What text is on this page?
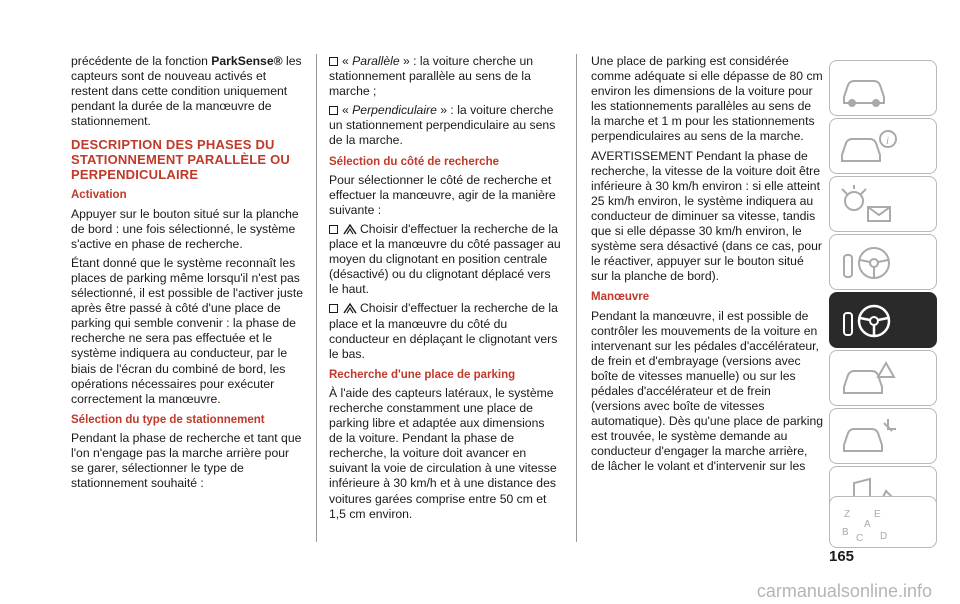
précédente de la fonction ParkSense® les capteurs sont de nouveau activés et restent dans cette condition uniquement pendant la durée de la manœuvre de stationnement.

DESCRIPTION DES PHASES DU STATIONNEMENT PARALLÈLE OU PERPENDICULAIRE
Activation

Appuyer sur le bouton situé sur la planche de bord : une fois sélectionné, le système s'active en phase de recherche.

Étant donné que le système reconnaît les places de parking même lorsqu'il n'est pas sélectionné, il est possible de l'activer juste après être passé à côté d'une place de parking qui semble convenir : la phase de recherche ne sera pas effectuée et le système indiquera au conducteur, par le biais de l'écran du combiné de bord, les opérations nécessaires pour exécuter correctement la manœuvre.

Sélection du type de stationnement

Pendant la phase de recherche et tant que l'on n'engage pas la marche arrière pour se garer, sélectionner le type de stationnement souhaité :

« Parallèle » : la voiture cherche un stationnement parallèle au sens de la marche ;

« Perpendiculaire » : la voiture cherche un stationnement perpendiculaire au sens de la marche.

Sélection du côté de recherche

Pour sélectionner le côté de recherche et effectuer la manœuvre, agir de la manière suivante :

Choisir d'effectuer la recherche de la place et la manœuvre du côté passager au moyen du clignotant en position centrale (désactivé) ou du clignotant déplacé vers le haut.

Choisir d'effectuer la recherche de la place et la manœuvre du côté du conducteur en déplaçant le clignotant vers le bas.

Recherche d'une place de parking

À l'aide des capteurs latéraux, le système recherche constamment une place de parking libre et adaptée aux dimensions de la voiture. Pendant la phase de recherche, la voiture doit avancer en suivant la voie de circulation à une vitesse inférieure à 30 km/h et à une distance des voitures garées comprise entre 50 cm et 1,5 cm environ.

Une place de parking est considérée comme adéquate si elle dépasse de 80 cm environ les dimensions de la voiture pour les stationnements parallèles au sens de la marche et 1 m pour les stationnements perpendiculaires au sens de la marche.

AVERTISSEMENT Pendant la phase de recherche, la vitesse de la voiture doit être inférieure à 30 km/h environ : si elle atteint 25 km/h environ, le système indiquera au conducteur de diminuer sa vitesse, tandis que si elle dépasse 30 km/h environ, le système sera désactivé (dans ce cas, pour le réactiver, appuyer sur le bouton situé sur la planche de bord).

Manœuvre

Pendant la manœuvre, il est possible de contrôler les mouvements de la voiture en intervenant sur les pédales d'accélérateur, de frein et d'embrayage (versions avec boîte de vitesses manuelle) ou sur les pédales d'accélérateur et de frein (versions avec boîte de vitesses automatique). Dès qu'une place de parking est trouvée, le système demande au conducteur d'engager la marche arrière, de lâcher le volant et d'intervenir sur les

i
Z E
B
C
A
D
165
carmanualsonline.info
